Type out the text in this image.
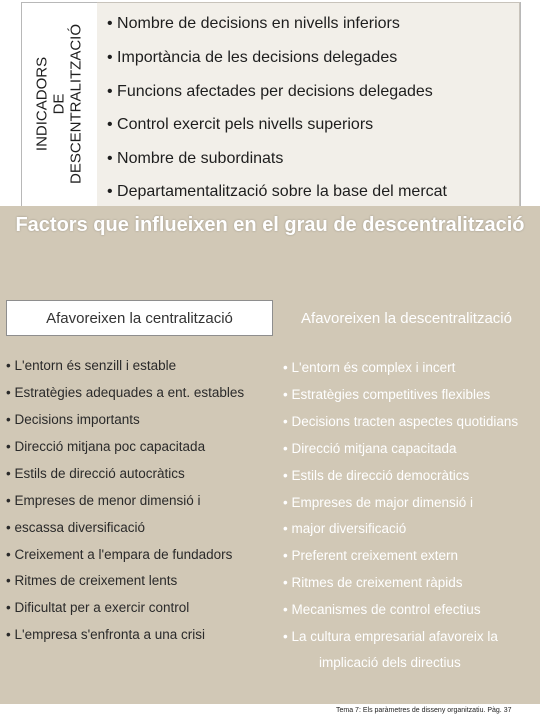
INDICADORS DE DESCENTRALITZACIÓ
• Nombre de decisions en nivells inferiors
• Importància de les decisions delegades
• Funcions afectades per decisions delegades
• Control exercit pels nivells superiors
• Nombre de subordinats
• Departamentalització sobre la base del mercat
Factors que influeixen en el grau de descentralització
Afavoreixen la centralització	Afavoreixen la descentralització
• L'entorn és senzill i estable
• Estratègies adequades a ent. estables
• Decisions importants
• Direcció mitjana poc capacitada
• Estils de direcció autocràtics
• Empreses de menor dimensió i
• escassa diversificació
• Creixement a l'empara de fundadors
• Ritmes de creixement lents
• Dificultat per a exercir control
• L'empresa s'enfronta a una crisi
• L'entorn és complex i incert
• Estratègies competitives flexibles
• Decisions tracten aspectes quotidians
• Direcció mitjana capacitada
• Estils de direcció democràtics
• Empreses de major dimensió i
• major diversificació
• Preferent creixement extern
• Ritmes de creixement ràpids
• Mecanismes de control efectius
• La cultura empresarial afavoreix la
implicació dels directius
Tema 7: Els paràmetres de disseny organitzatiu. Pàg. 37
